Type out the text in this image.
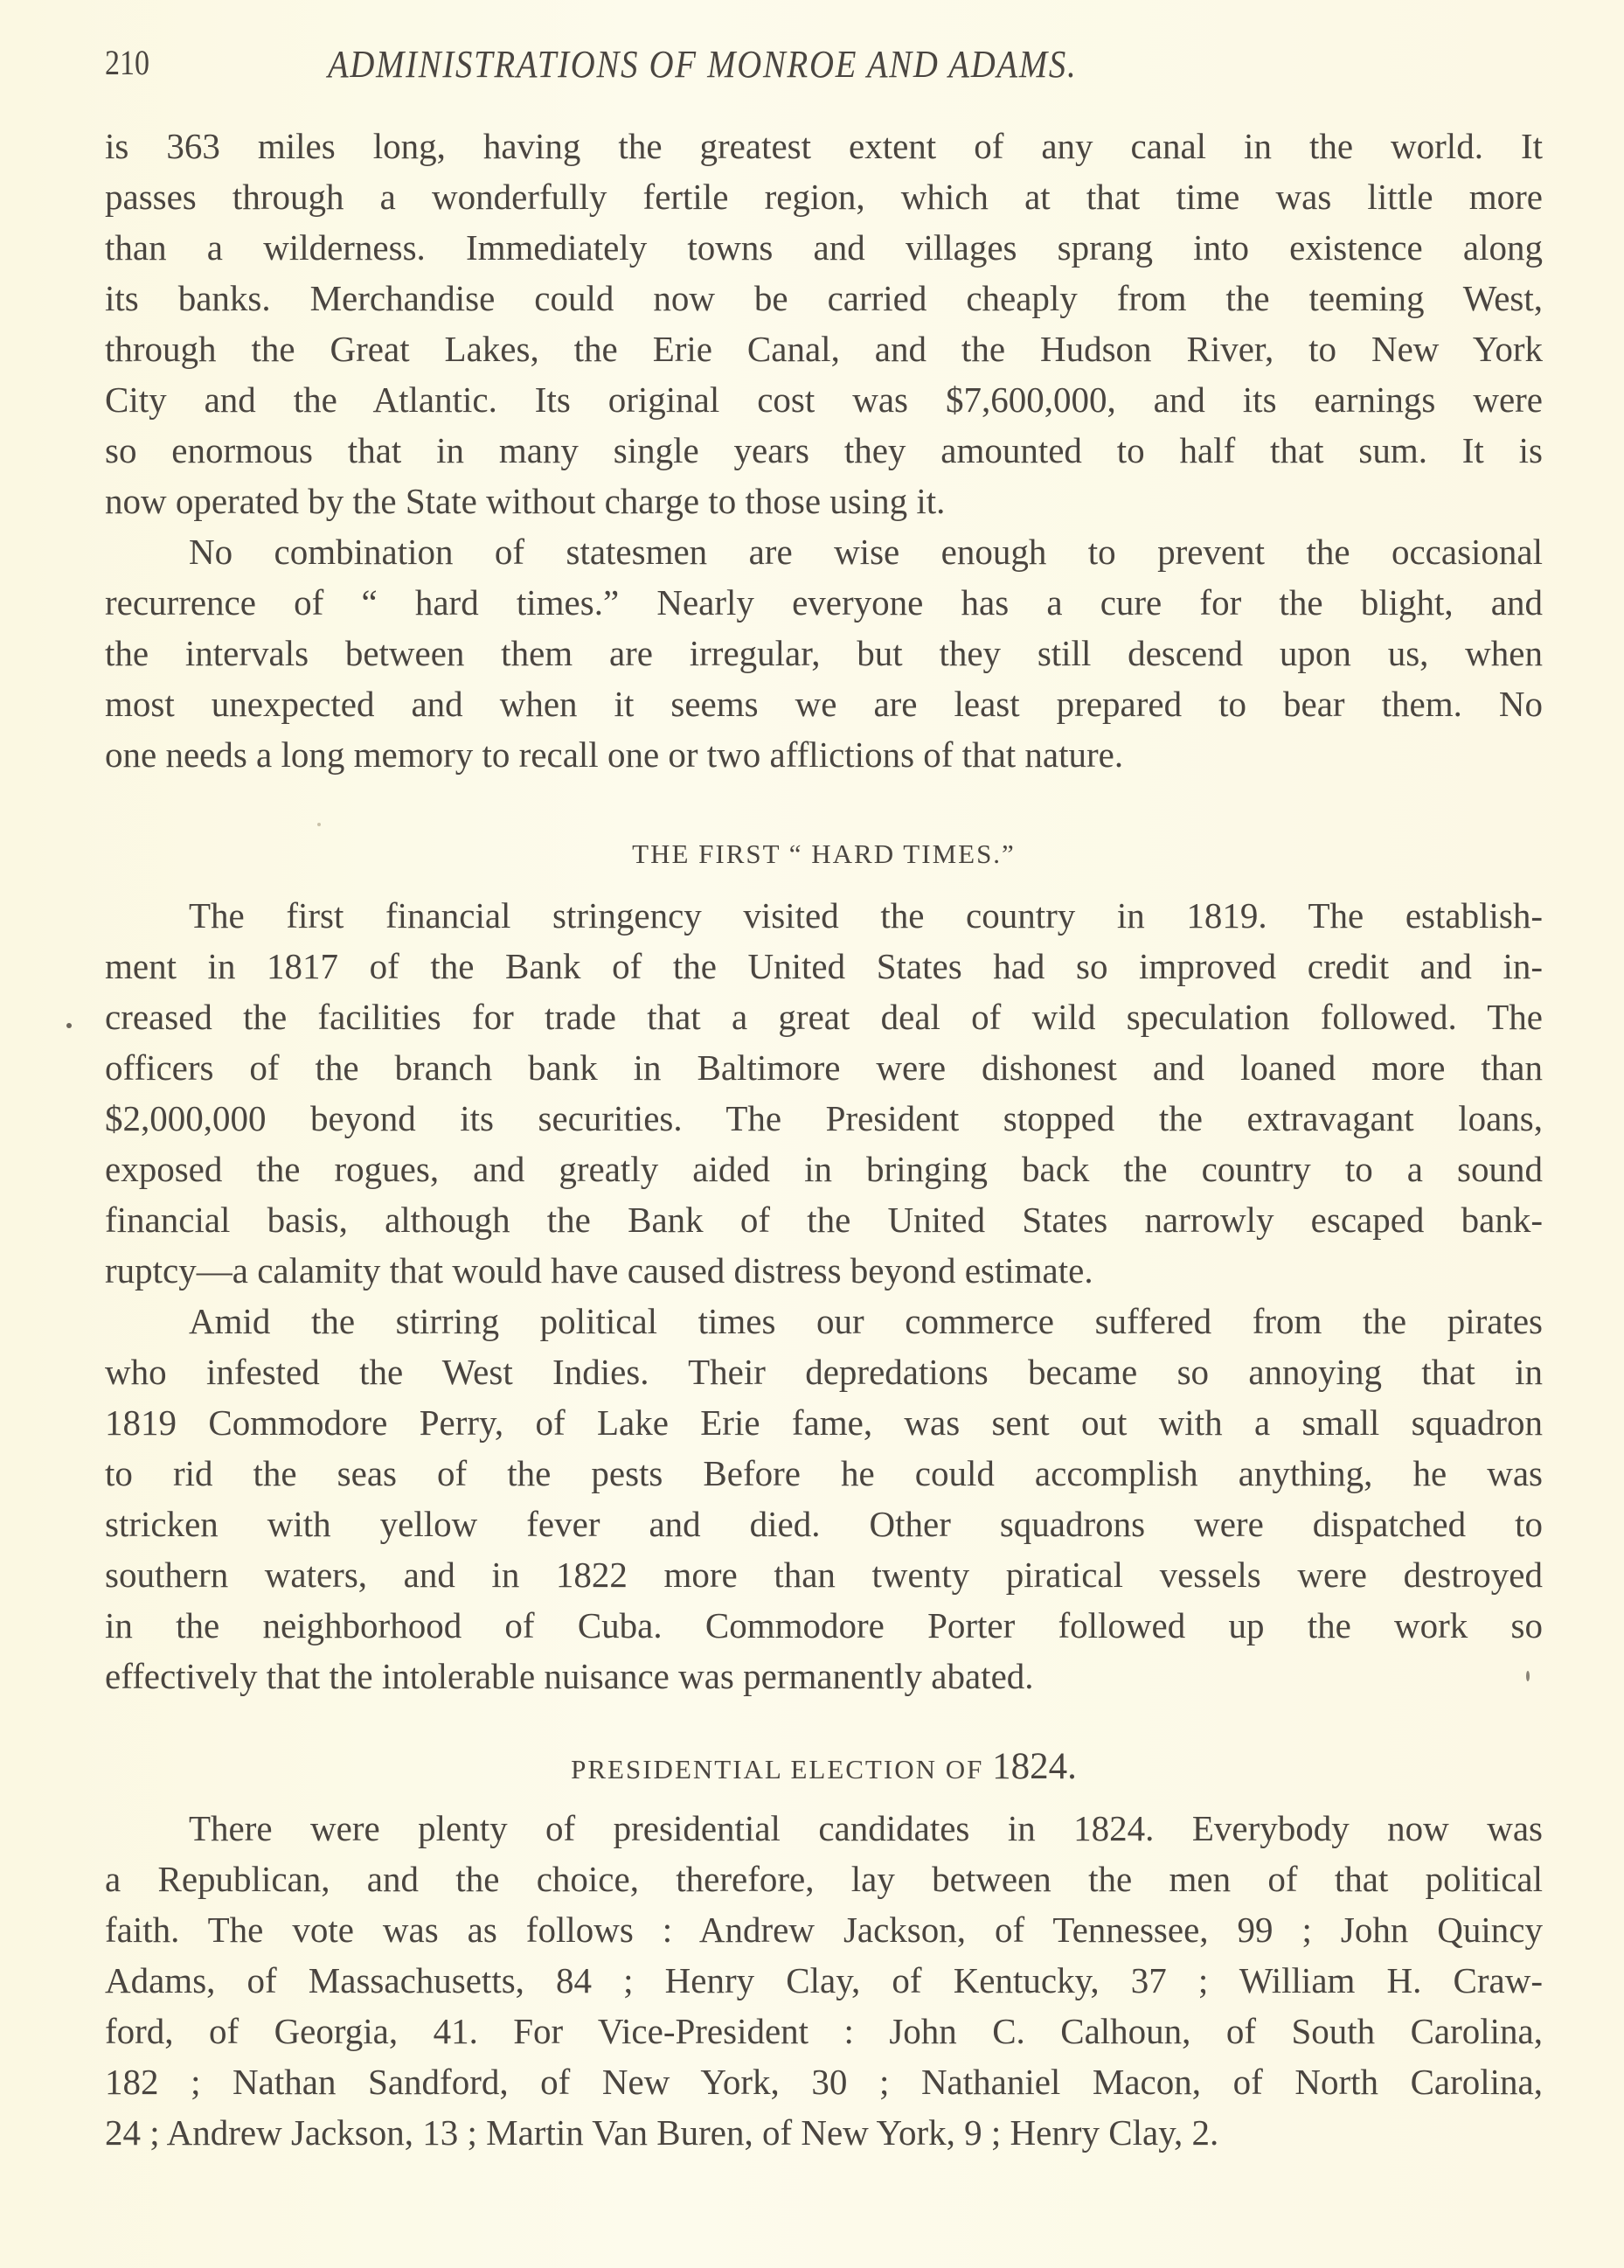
210	ADMINISTRATIONS OF MONROE AND ADAMS.
is 363 miles long, having the greatest extent of any canal in the world. It
passes through a wonderfully fertile region, which at that time was little more
than a wilderness. Immediately towns and villages sprang into existence along
its banks. Merchandise could now be carried cheaply from the teeming West,
through the Great Lakes, the Erie Canal, and the Hudson River, to New York
City and the Atlantic. Its original cost was $7,600,000, and its earnings were
so enormous that in many single years they amounted to half that sum. It is
now operated by the State without charge to those using it.
No combination of statesmen are wise enough to prevent the occasional
recurrence of “ hard times.” Nearly everyone has a cure for the blight, and
the intervals between them are irregular, but they still descend upon us, when
most unexpected and when it seems we are least prepared to bear them. No
one needs a long memory to recall one or two afflictions of that nature.
THE FIRST “ HARD TIMES.”
The first financial stringency visited the country in 1819. The establish-
ment in 1817 of the Bank of the United States had so improved credit and in-
creased the facilities for trade that a great deal of wild speculation followed. The
officers of the branch bank in Baltimore were dishonest and loaned more than
$2,000,000 beyond its securities. The President stopped the extravagant loans,
exposed the rogues, and greatly aided in bringing back the country to a sound
financial basis, although the Bank of the United States narrowly escaped bank-
ruptcy—a calamity that would have caused distress beyond estimate.
Amid the stirring political times our commerce suffered from the pirates
who infested the West Indies. Their depredations became so annoying that in
1819 Commodore Perry, of Lake Erie fame, was sent out with a small squadron
to rid the seas of the pests Before he could accomplish anything, he was
stricken with yellow fever and died. Other squadrons were dispatched to
southern waters, and in 1822 more than twenty piratical vessels were destroyed
in the neighborhood of Cuba. Commodore Porter followed up the work so
effectively that the intolerable nuisance was permanently abated.
PRESIDENTIAL ELECTION OF 1824.
There were plenty of presidential candidates in 1824. Everybody now was
a Republican, and the choice, therefore, lay between the men of that political
faith. The vote was as follows : Andrew Jackson, of Tennessee, 99 ; John Quincy
Adams, of Massachusetts, 84 ; Henry Clay, of Kentucky, 37 ; William H. Craw-
ford, of Georgia, 41. For Vice-President : John C. Calhoun, of South Carolina,
182 ; Nathan Sandford, of New York, 30 ; Nathaniel Macon, of North Carolina,
24 ; Andrew Jackson, 13 ; Martin Van Buren, of New York, 9 ; Henry Clay, 2.
